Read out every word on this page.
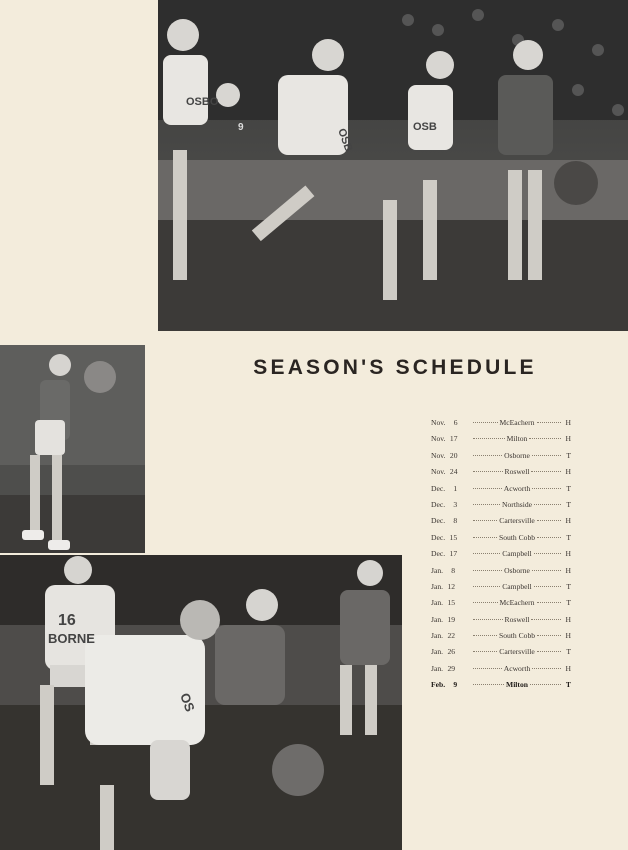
OSBO
OSB	OSB
9
16
BORNE
OS
SEASON'S SCHEDULE
Nov. 6	McEachern	H
Nov. 17	Milton	H
Nov. 20	Osborne	T
Nov. 24	Roswell	H
Dec. 1	Acworth	T
Dec. 3	Northside	T
Dec. 8	Cartersville	H
Dec. 15	South Cobb	T
Dec. 17	Campbell	H
Jan. 8	Osborne	H
Jan. 12	Campbell	T
Jan. 15	McEachern	T
Jan. 19	Roswell	H
Jan. 22	South Cobb	H
Jan. 26	Cartersville	T
Jan. 29	Acworth	H
Feb. 9	Milton	T
